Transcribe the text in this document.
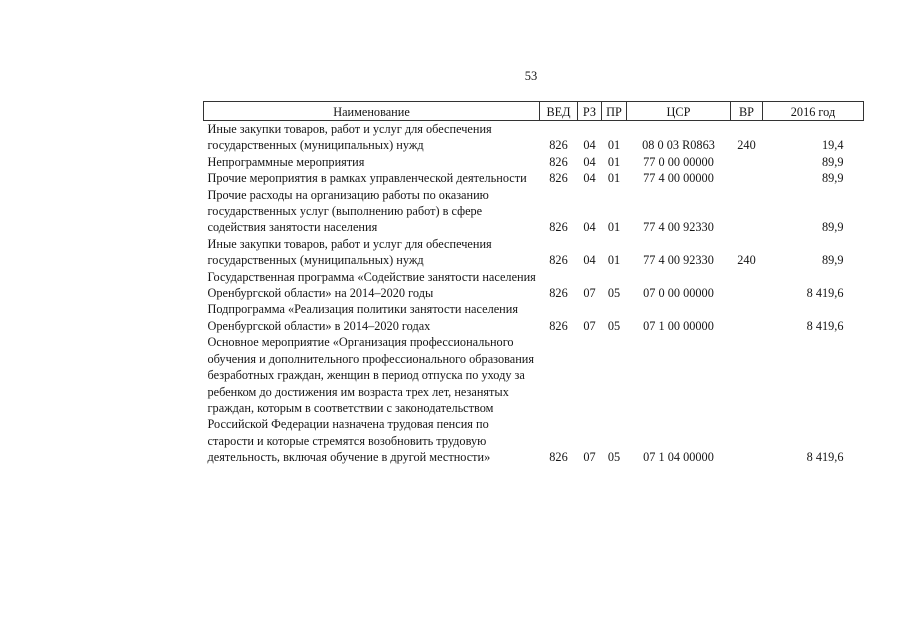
53
Наименование	ВЕД	РЗ	ПР	ЦСР	ВР	2016 год
Иные закупки товаров, работ и услуг для обеспечения государственных (муниципальных) нужд	826	04	01	08 0 03 R0863	240	19,4
Непрограммные мероприятия	826	04	01	77 0 00 00000		89,9
Прочие мероприятия в рамках управленческой деятельности	826	04	01	77 4 00 00000		89,9
Прочие расходы на организацию работы по оказанию государственных услуг (выполнению работ) в сфере содействия занятости населения	826	04	01	77 4 00 92330		89,9
Иные закупки товаров, работ и услуг для обеспечения государственных (муниципальных) нужд	826	04	01	77 4 00 92330	240	89,9
Государственная программа «Содействие занятости населения Оренбургской области» на 2014–2020 годы	826	07	05	07 0 00 00000		8 419,6
Подпрограмма «Реализация политики занятости населения Оренбургской области» в 2014–2020 годах	826	07	05	07 1 00 00000		8 419,6
Основное мероприятие «Организация профессионального обучения и дополнительного профессионального образования безработных граждан, женщин в период отпуска по уходу за ребенком до достижения им возраста трех лет, незанятых граждан, которым в соответствии с законодательством Российской Федерации назначена трудовая пенсия по старости и которые стремятся возобновить трудовую деятельность, включая обучение в другой местности»	826	07	05	07 1 04 00000		8 419,6
